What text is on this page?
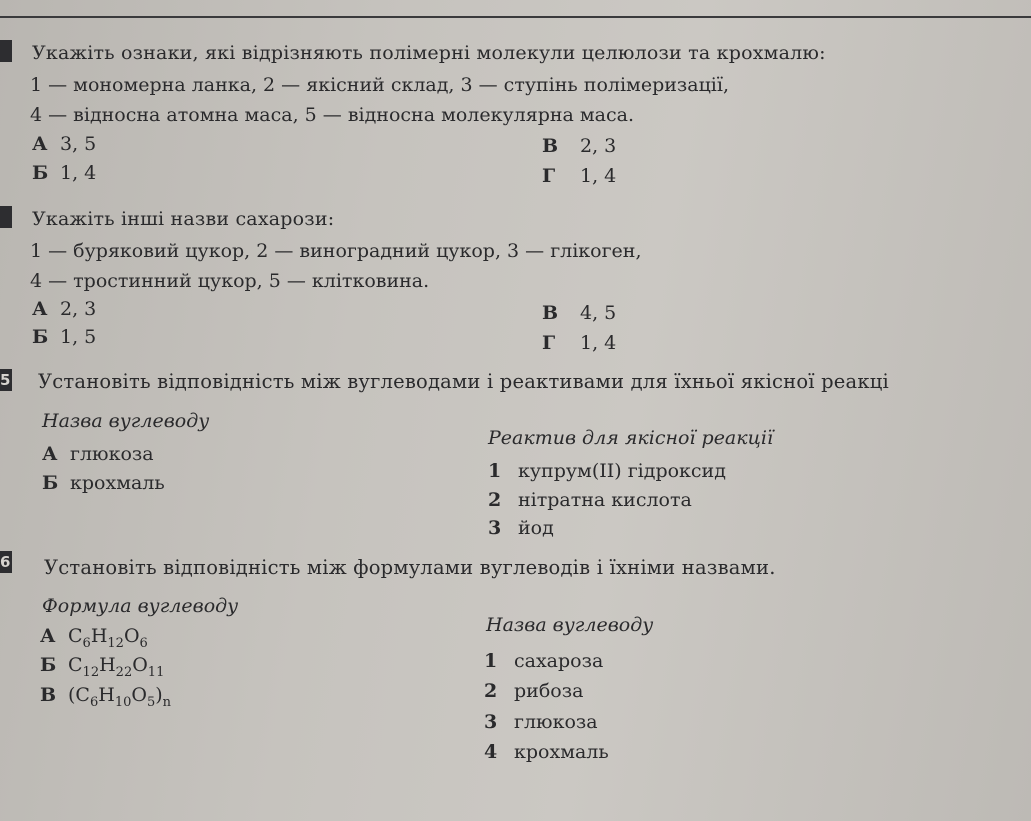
Укажіть ознаки, які відрізняють полімерні молекули целюлози та крохмалю:
1 — мономерна ланка, 2 — якісний склад, 3 — ступінь полімеризації,
4 — відносна атомна маса, 5 — відносна молекулярна маса.
А 3, 5
Б 1, 4
В 2, 3
Г 1, 4
Укажіть інші назви сахарози:
1 — буряковий цукор, 2 — виноградний цукор, 3 — глікоген,
4 — тростинний цукор, 5 — клітковина.
А 2, 3
Б 1, 5
В 4, 5
Г 1, 4
5 Установіть відповідність між вуглеводами і реактивами для їхньої якісної реакці
Назва вуглеводу
Реактив для якісної реакції
А глюкоза
Б крохмаль
1 купрум(II) гідроксид
2 нітратна кислота
3 йод
6 Установіть відповідність між формулами вуглеводів і їхніми назвами.
Формула вуглеводу
Назва вуглеводу
А $C_6H_{12}O_6$
Б $C_{12}H_{22}O_{11}$
В $(C_6H_{10}O_5)_n$
1 сахароза
2 рибоза
3 глюкоза
4 крохмаль
